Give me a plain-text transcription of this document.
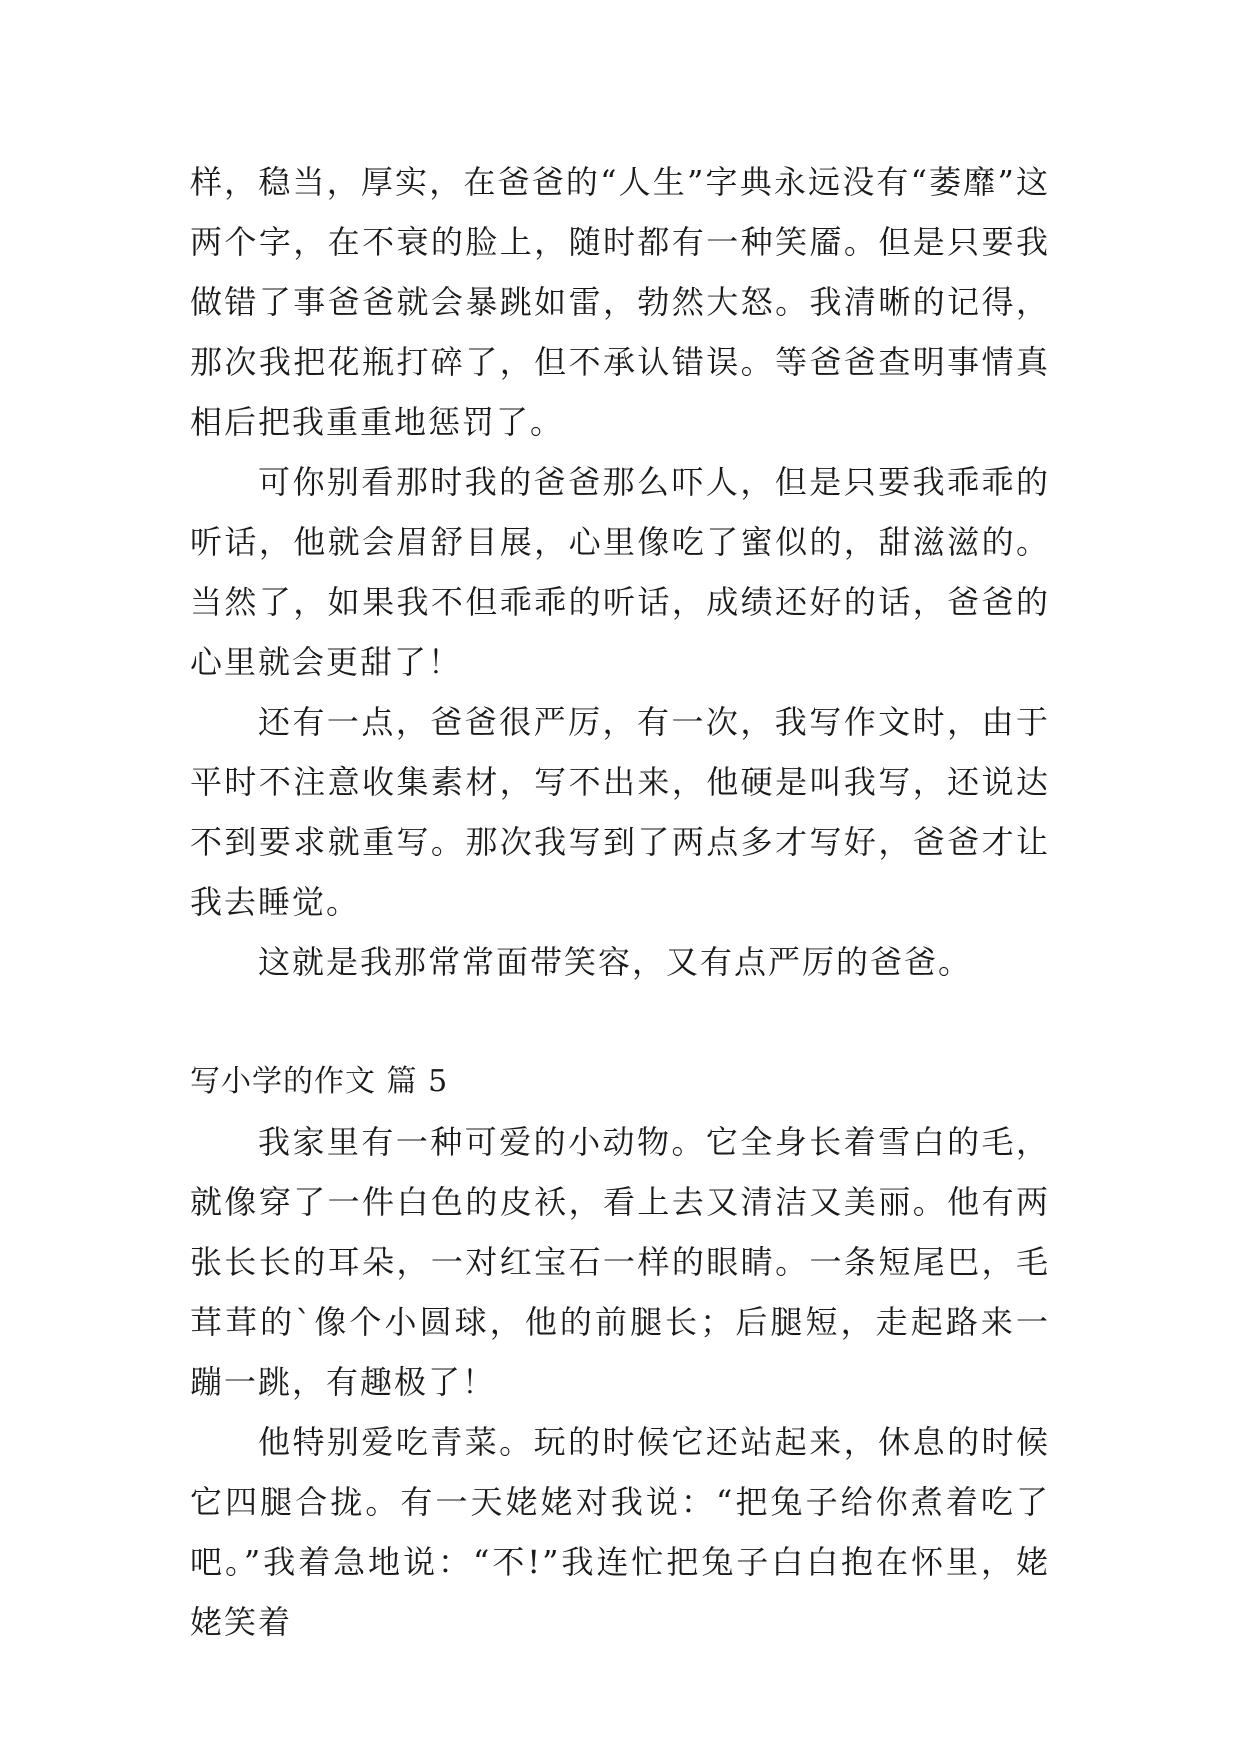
样，稳当，厚实，在爸爸的“人生”字典永远没有“萎靡”这两个字，在不衰的脸上，随时都有一种笑靥。但是只要我做错了事爸爸就会暴跳如雷，勃然大怒。我清晰的记得，那次我把花瓶打碎了，但不承认错误。等爸爸查明事情真相后把我重重地惩罚了。

可你别看那时我的爸爸那么吓人，但是只要我乖乖的听话，他就会眉舒目展，心里像吃了蜜似的，甜滋滋的。当然了，如果我不但乖乖的听话，成绩还好的话，爸爸的心里就会更甜了！

还有一点，爸爸很严厉，有一次，我写作文时，由于平时不注意收集素材，写不出来，他硬是叫我写，还说达不到要求就重写。那次我写到了两点多才写好，爸爸才让我去睡觉。

这就是我那常常面带笑容，又有点严厉的爸爸。

写小学的作文 篇 5

我家里有一种可爱的小动物。它全身长着雪白的毛，就像穿了一件白色的皮袄，看上去又清洁又美丽。他有两张长长的耳朵，一对红宝石一样的眼睛。一条短尾巴，毛茸茸的`像个小圆球，他的前腿长；后腿短，走起路来一蹦一跳，有趣极了！

他特别爱吃青菜。玩的时候它还站起来，休息的时候它四腿合拢。有一天姥姥对我说：“把兔子给你煮着吃了吧。”我着急地说：“不!”我连忙把兔子白白抱在怀里，姥姥笑着
